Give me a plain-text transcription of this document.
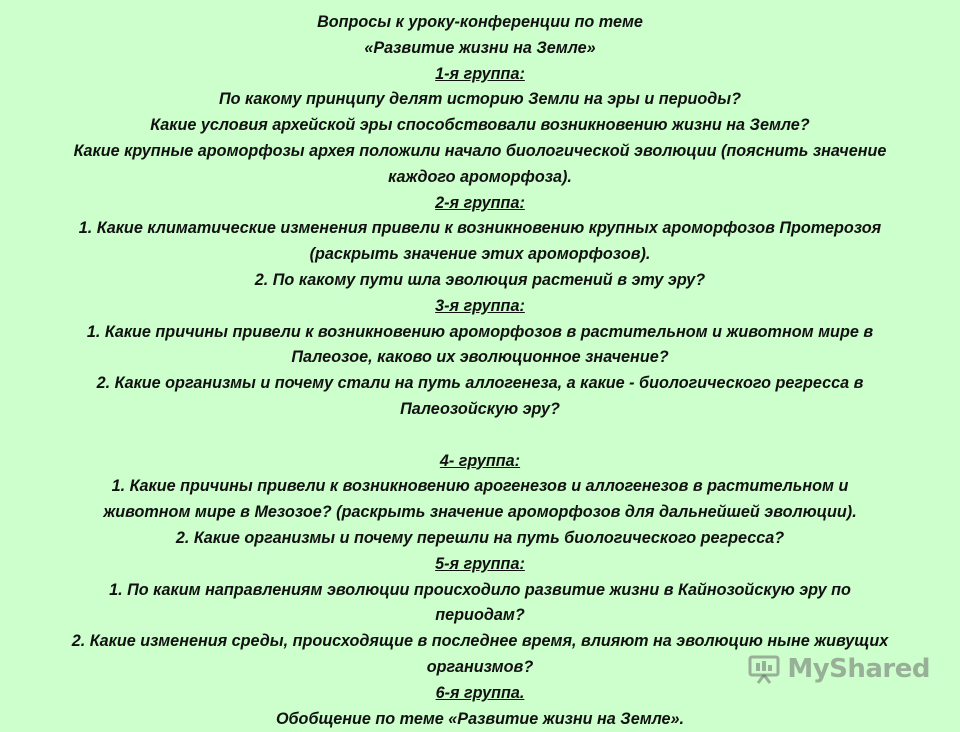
Вопросы к уроку-конференции по теме
«Развитие жизни на Земле»
1-я группа:
По какому принципу делят историю Земли на эры и периоды?
Какие условия архейской эры способствовали возникновению жизни на Земле?
Какие крупные ароморфозы архея положили начало биологической эволюции (пояснить значение
каждого ароморфоза).
2-я группа:
1. Какие климатические изменения привели к возникновению крупных ароморфозов Протерозоя
(раскрыть значение этих ароморфозов).
2. По какому пути шла эволюция растений в эту эру?
3-я группа:
1. Какие причины привели к возникновению ароморфозов в растительном и животном мире в
Палеозое, каково их эволюционное значение?
2. Какие организмы и почему стали на путь аллогенеза, а какие - биологического регресса в
Палеозойскую эру?
4- группа:
1. Какие причины привели к возникновению арогенезов и аллогенезов в растительном и
животном мире в Мезозое? (раскрыть значение ароморфозов для дальнейшей эволюции).
2. Какие организмы и почему перешли на путь биологического регресса?
5-я группа:
1. По каким направлениям эволюции происходило развитие жизни в Кайнозойскую эру по
периодам?
2. Какие изменения среды, происходящие в последнее время, влияют на эволюцию ныне живущих
организмов?
6-я группа.
Обобщение по теме «Развитие жизни на Земле».
MyShared
